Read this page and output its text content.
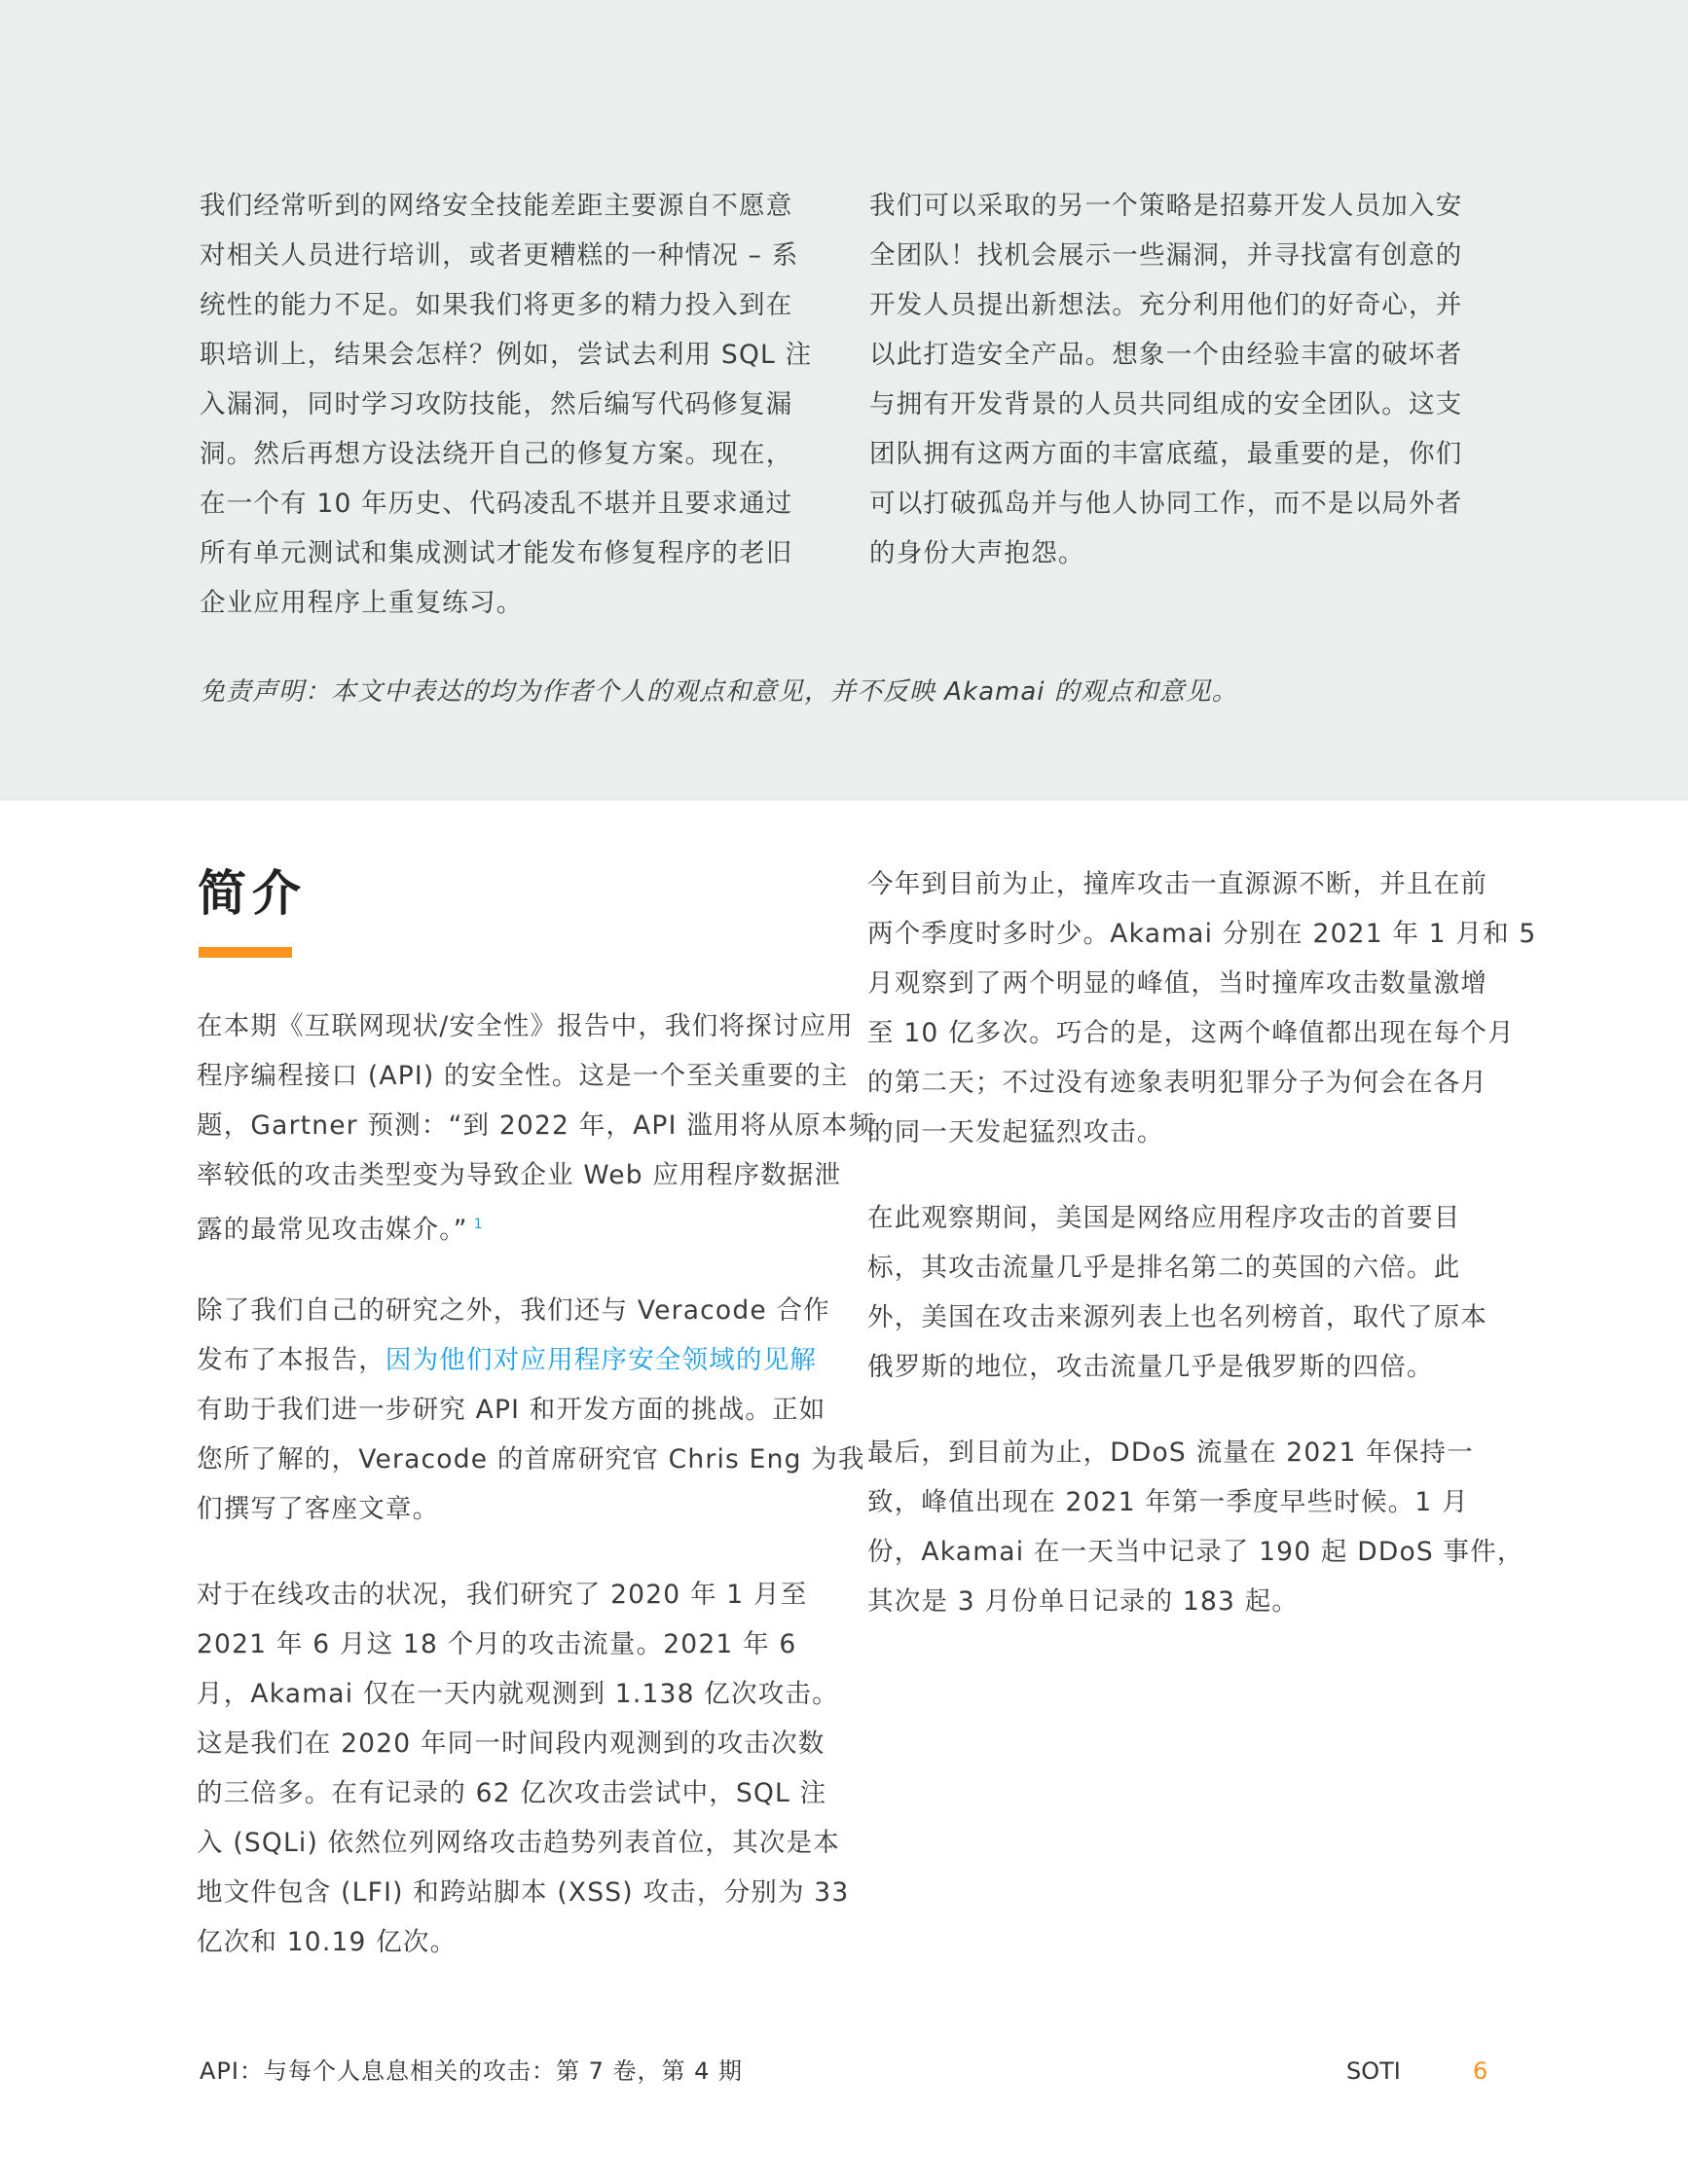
我们经常听到的网络安全技能差距主要源自不愿意
对相关人员进行培训，或者更糟糕的一种情况 – 系
统性的能力不足。如果我们将更多的精力投入到在
职培训上，结果会怎样？例如，尝试去利用 SQL 注
入漏洞，同时学习攻防技能，然后编写代码修复漏
洞。然后再想方设法绕开自己的修复方案。现在，
在一个有 10 年历史、代码凌乱不堪并且要求通过
所有单元测试和集成测试才能发布修复程序的老旧
企业应用程序上重复练习。
我们可以采取的另一个策略是招募开发人员加入安
全团队！找机会展示一些漏洞，并寻找富有创意的
开发人员提出新想法。充分利用他们的好奇心，并
以此打造安全产品。想象一个由经验丰富的破坏者
与拥有开发背景的人员共同组成的安全团队。这支
团队拥有这两方面的丰富底蕴，最重要的是，你们
可以打破孤岛并与他人协同工作，而不是以局外者
的身份大声抱怨。
免责声明：本文中表达的均为作者个人的观点和意见，并不反映 Akamai 的观点和意见。
简介
在本期《互联网现状/安全性》报告中，我们将探讨应用
程序编程接口 (API) 的安全性。这是一个至关重要的主
题，Gartner 预测：“到 2022 年，API 滥用将从原本频
率较低的攻击类型变为导致企业 Web 应用程序数据泄
露的最常见攻击媒介。” $^1$
除了我们自己的研究之外，我们还与 Veracode 合作
发布了本报告，因为他们对应用程序安全领域的见解
有助于我们进一步研究 API 和开发方面的挑战。正如
您所了解的，Veracode 的首席研究官 Chris Eng 为我
们撰写了客座文章。
对于在线攻击的状况，我们研究了 2020 年 1 月至
2021 年 6 月这 18 个月的攻击流量。2021 年 6
月，Akamai 仅在一天内就观测到 1.138 亿次攻击。
这是我们在 2020 年同一时间段内观测到的攻击次数
的三倍多。在有记录的 62 亿次攻击尝试中，SQL 注
入 (SQLi) 依然位列网络攻击趋势列表首位，其次是本
地文件包含 (LFI) 和跨站脚本 (XSS) 攻击，分别为 33
亿次和 10.19 亿次。
今年到目前为止，撞库攻击一直源源不断，并且在前
两个季度时多时少。Akamai 分别在 2021 年 1 月和 5
月观察到了两个明显的峰值，当时撞库攻击数量激增
至 10 亿多次。巧合的是，这两个峰值都出现在每个月
的第二天；不过没有迹象表明犯罪分子为何会在各月
的同一天发起猛烈攻击。
在此观察期间，美国是网络应用程序攻击的首要目
标，其攻击流量几乎是排名第二的英国的六倍。此
外，美国在攻击来源列表上也名列榜首，取代了原本
俄罗斯的地位，攻击流量几乎是俄罗斯的四倍。
最后，到目前为止，DDoS 流量在 2021 年保持一
致，峰值出现在 2021 年第一季度早些时候。1 月
份，Akamai 在一天当中记录了 190 起 DDoS 事件，
其次是 3 月份单日记录的 183 起。
API：与每个人息息相关的攻击：第 7 卷，第 4 期	SOTI	6
